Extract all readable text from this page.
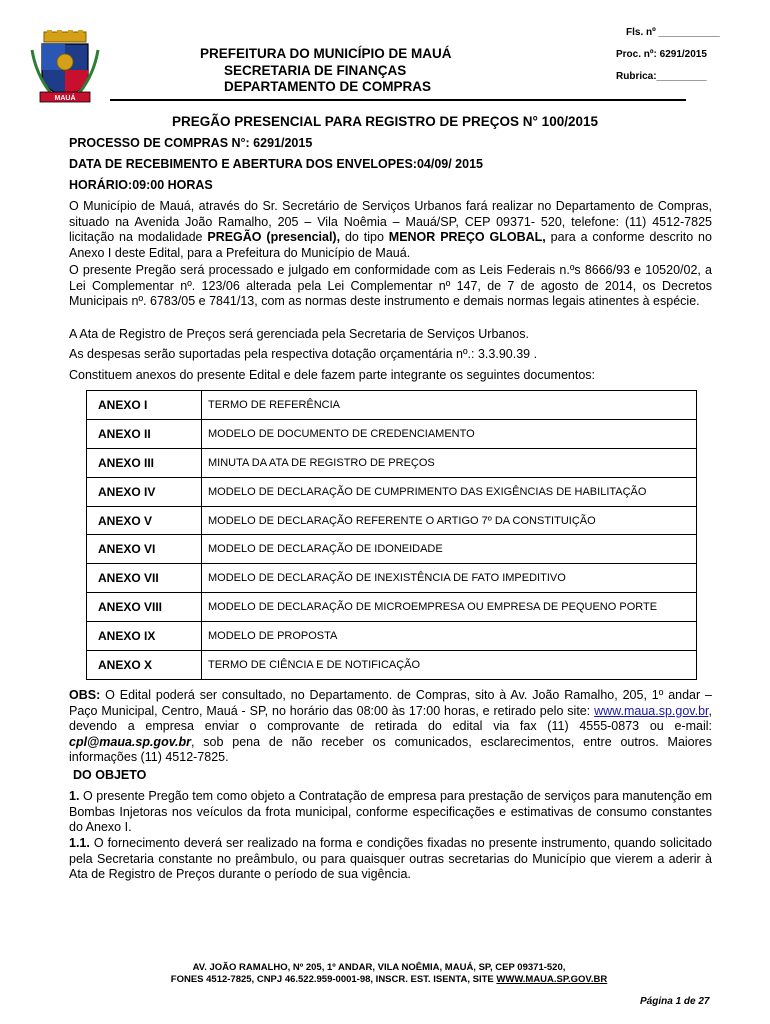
MAUÁ
PREFEITURA DO MUNICÍPIO DE MAUÁ
SECRETARIA DE FINANÇAS
DEPARTAMENTO DE COMPRAS
Fls. nº ___________
Proc. nº: 6291/2015
Rubrica:_________
PREGÃO PRESENCIAL PARA REGISTRO DE PREÇOS N° 100/2015
PROCESSO DE COMPRAS N°: 6291/2015
DATA DE RECEBIMENTO E ABERTURA DOS ENVELOPES:04/09/ 2015
HORÁRIO:09:00 HORAS
O Município de Mauá, através do Sr. Secretário de Serviços Urbanos fará realizar no Departamento de Compras, situado na Avenida João Ramalho, 205 – Vila Noêmia – Mauá/SP, CEP 09371- 520, telefone: (11) 4512-7825 licitação na modalidade PREGÃO (presencial), do tipo MENOR PREÇO GLOBAL, para a conforme descrito no Anexo I deste Edital, para a Prefeitura do Município de Mauá.
O presente Pregão será processado e julgado em conformidade com as Leis Federais n.ºs 8666/93 e 10520/02, a Lei Complementar nº. 123/06 alterada pela Lei Complementar nº 147, de 7 de agosto de 2014, os Decretos Municipais nº. 6783/05 e 7841/13, com as normas deste instrumento e demais normas legais atinentes à espécie.
A Ata de Registro de Preços será gerenciada pela Secretaria de Serviços Urbanos.
As despesas serão suportadas pela respectiva dotação orçamentária nº.: 3.3.90.39 .
Constituem anexos do presente Edital e dele fazem parte integrante os seguintes documentos:
ANEXO I	TERMO DE REFERÊNCIA
ANEXO II	MODELO DE DOCUMENTO DE CREDENCIAMENTO
ANEXO III	MINUTA DA ATA DE REGISTRO DE PREÇOS
ANEXO IV	MODELO DE DECLARAÇÃO DE CUMPRIMENTO DAS EXIGÊNCIAS DE HABILITAÇÃO
ANEXO V	MODELO DE DECLARAÇÃO REFERENTE O ARTIGO 7º DA CONSTITUIÇÃO
ANEXO VI	MODELO DE DECLARAÇÃO DE IDONEIDADE
ANEXO VII	MODELO DE DECLARAÇÃO DE INEXISTÊNCIA DE FATO IMPEDITIVO
ANEXO VIII	MODELO DE DECLARAÇÃO DE MICROEMPRESA OU EMPRESA DE PEQUENO PORTE
ANEXO IX	MODELO DE PROPOSTA
ANEXO X	TERMO DE CIÊNCIA E DE NOTIFICAÇÃO
OBS: O Edital poderá ser consultado, no Departamento. de Compras, sito à Av. João Ramalho, 205, 1º andar – Paço Municipal, Centro, Mauá - SP, no horário das 08:00 às 17:00 horas, e retirado pelo site: www.maua.sp.gov.br, devendo a empresa enviar o comprovante de retirada do edital via fax (11) 4555-0873 ou e-mail: cpl@maua.sp.gov.br, sob pena de não receber os comunicados, esclarecimentos, entre outros. Maiores informações (11) 4512-7825.
DO OBJETO
1. O presente Pregão tem como objeto a Contratação de empresa para prestação de serviços para manutenção em Bombas Injetoras nos veículos da frota municipal, conforme especificações e estimativas de consumo constantes do Anexo I.
1.1. O fornecimento deverá ser realizado na forma e condições fixadas no presente instrumento, quando solicitado pela Secretaria constante no preâmbulo, ou para quaisquer outras secretarias do Município que vierem a aderir à Ata de Registro de Preços durante o período de sua vigência.
AV. JOÃO RAMALHO, Nº 205, 1º ANDAR, VILA NOÊMIA, MAUÁ, SP, CEP 09371-520,
FONES 4512-7825, CNPJ 46.522.959-0001-98, INSCR. EST. ISENTA, SITE WWW.MAUA.SP.GOV.BR
Página 1 de 27
